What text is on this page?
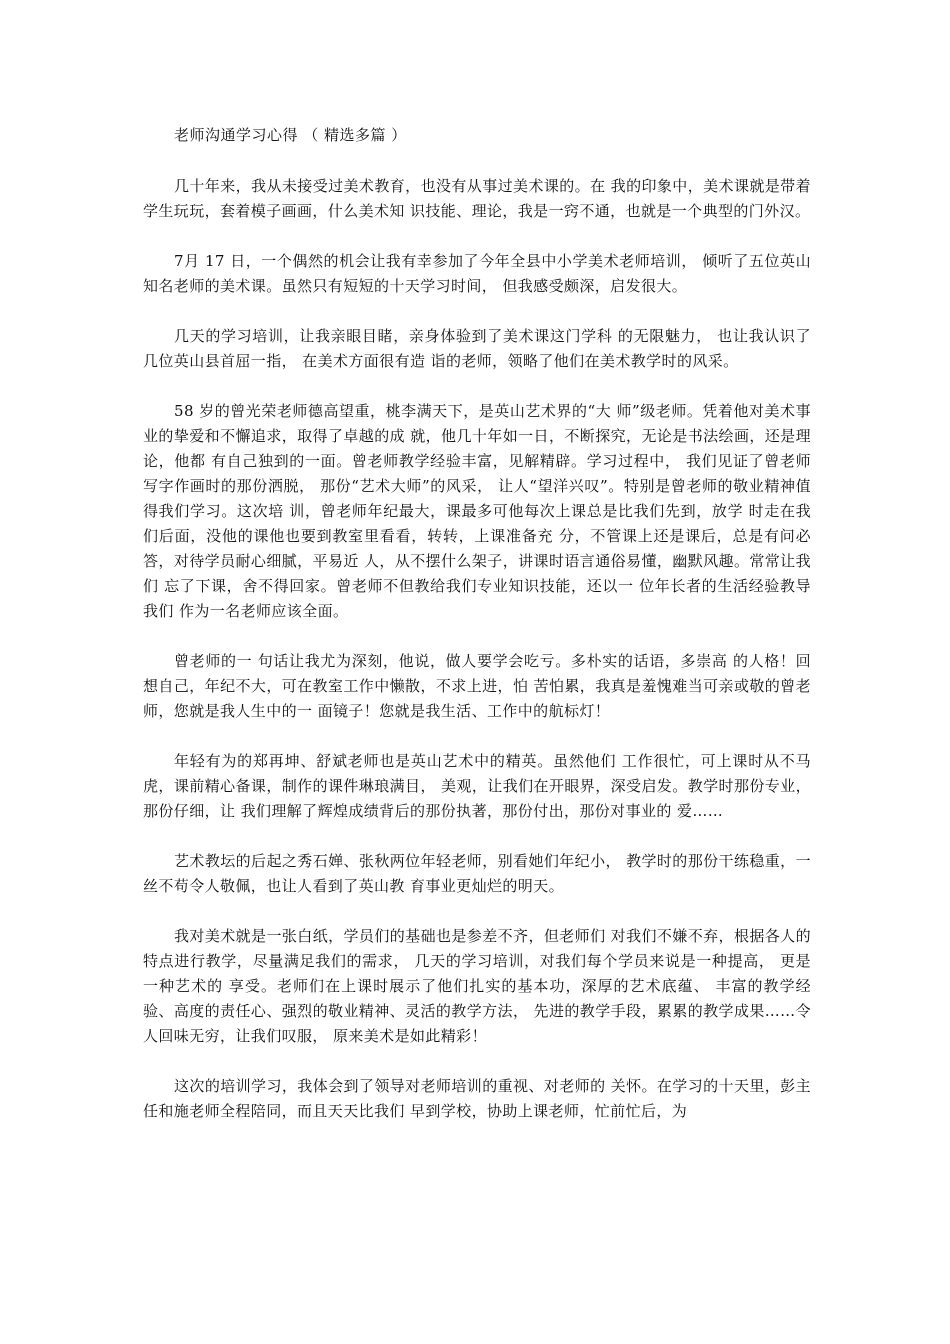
老师沟通学习心得 （ 精选多篇 ）

几十年来，我从未接受过美术教育，也没有从事过美术课的。在 我的印象中，美术课就是带着学生玩玩，套着模子画画，什么美术知 识技能、理论，我是一窍不通，也就是一个典型的门外汉。

7月 17 日，一个偶然的机会让我有幸参加了今年全县中小学美术老师培训， 倾听了五位英山知名老师的美术课。虽然只有短短的十天学习时间， 但我感受颇深，启发很大。

几天的学习培训，让我亲眼目睹，亲身体验到了美术课这门学科 的无限魅力， 也让我认识了几位英山县首屈一指， 在美术方面很有造 诣的老师，领略了他们在美术教学时的风采。

58 岁的曾光荣老师德高望重，桃李满天下，是英山艺术界的“大 师”级老师。凭着他对美术事业的挚爱和不懈追求，取得了卓越的成 就，他几十年如一日，不断探究，无论是书法绘画，还是理论，他都 有自己独到的一面。曾老师教学经验丰富，见解精辟。学习过程中， 我们见证了曾老师写字作画时的那份洒脱， 那份“艺术大师”的风采， 让人“望洋兴叹”。特别是曾老师的敬业精神值得我们学习。这次培 训，曾老师年纪最大，课最多可他每次上课总是比我们先到，放学 时走在我们后面，没他的课他也要到教室里看看，转转，上课准备充 分，不管课上还是课后，总是有问必答，对待学员耐心细腻，平易近 人，从不摆什么架子，讲课时语言通俗易懂，幽默风趣。常常让我们 忘了下课，舍不得回家。曾老师不但教给我们专业知识技能，还以一 位年长者的生活经验教导我们 作为一名老师应该全面。

曾老师的一 句话让我尤为深刻，他说，做人要学会吃亏。多朴实的话语，多崇高 的人格！回想自己，年纪不大，可在教室工作中懒散，不求上进，怕 苦怕累，我真是羞愧难当可亲或敬的曾老师，您就是我人生中的一 面镜子！您就是我生活、工作中的航标灯！

年轻有为的郑再坤、舒斌老师也是英山艺术中的精英。虽然他们 工作很忙，可上课时从不马虎，课前精心备课，制作的课件琳琅满目， 美观，让我们在开眼界，深受启发。教学时那份专业，那份仔细，让 我们理解了辉煌成绩背后的那份执著，那份付出，那份对事业的 爱……

艺术教坛的后起之秀石婵、张秋两位年轻老师，别看她们年纪小， 教学时的那份干练稳重，一丝不苟令人敬佩，也让人看到了英山教 育事业更灿烂的明天。

我对美术就是一张白纸，学员们的基础也是参差不齐，但老师们 对我们不嫌不弃，根据各人的特点进行教学，尽量满足我们的需求， 几天的学习培训，对我们每个学员来说是一种提高， 更是一种艺术的 享受。老师们在上课时展示了他们扎实的基本功，深厚的艺术底蕴、 丰富的教学经验、高度的责任心、强烈的敬业精神、灵活的教学方法， 先进的教学手段，累累的教学成果……令人回味无穷，让我们叹服， 原来美术是如此精彩！

这次的培训学习，我体会到了领导对老师培训的重视、对老师的 关怀。在学习的十天里，彭主任和施老师全程陪同，而且天天比我们 早到学校，协助上课老师，忙前忙后，为
